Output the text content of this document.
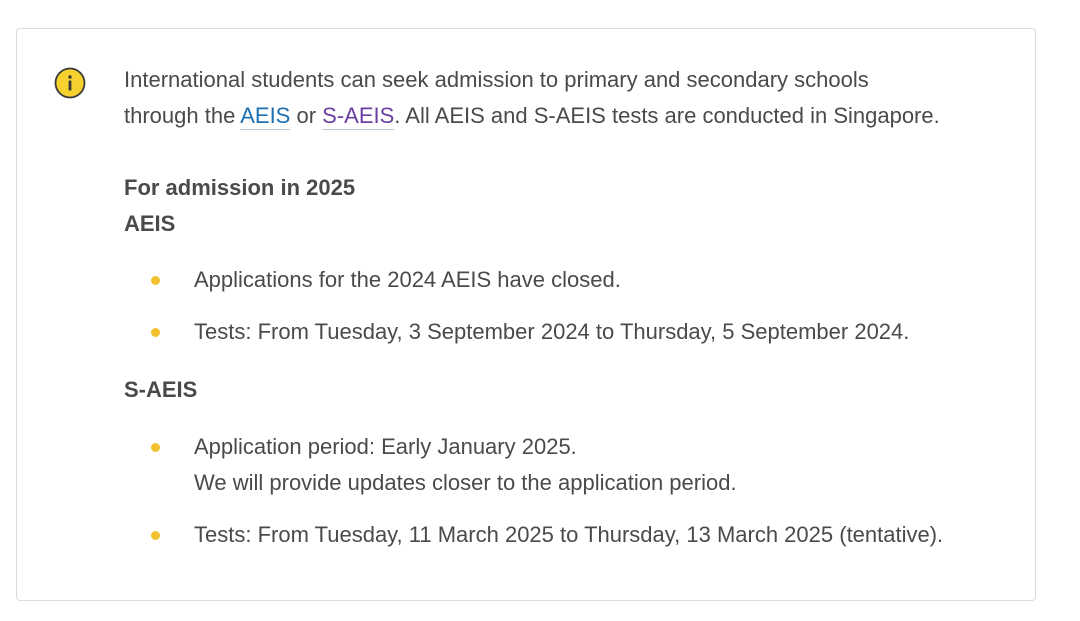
International students can seek admission to primary and secondary schools
through the AEIS or S-AEIS. All AEIS and S-AEIS tests are conducted in Singapore.
For admission in 2025
AEIS
Applications for the 2024 AEIS have closed.
Tests: From Tuesday, 3 September 2024 to Thursday, 5 September 2024.
S-AEIS
Application period: Early January 2025.
We will provide updates closer to the application period.
Tests: From Tuesday, 11 March 2025 to Thursday, 13 March 2025 (tentative).
